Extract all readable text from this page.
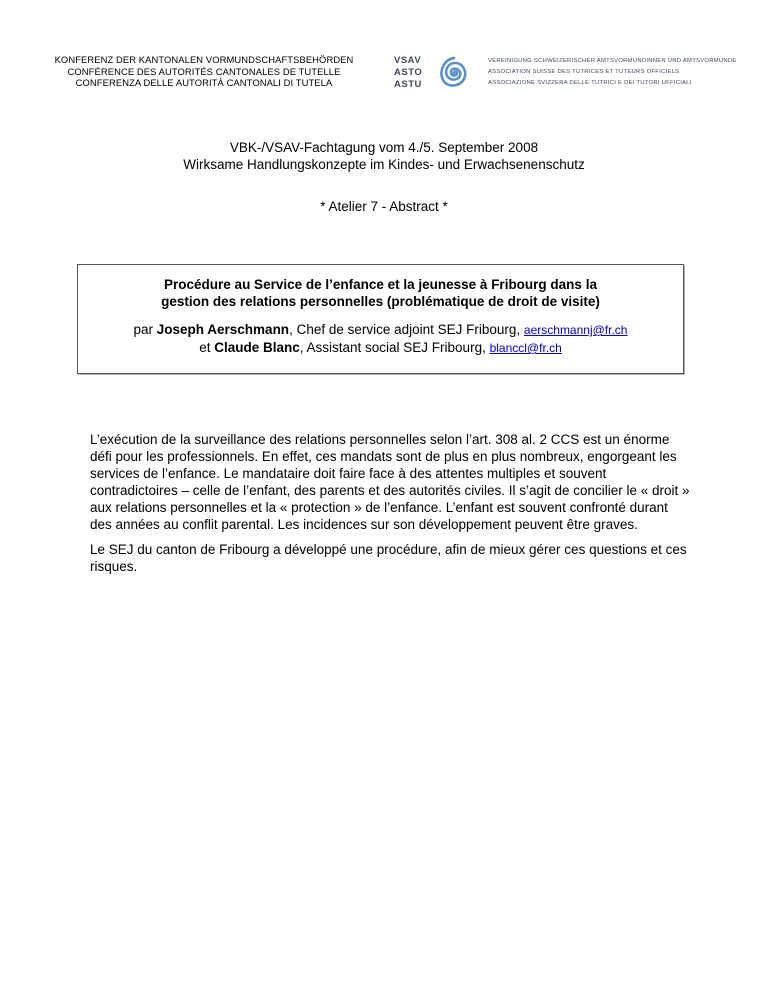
KONFERENZ DER KANTONALEN VORMUNDSCHAFTSBEHÖRDEN
CONFÉRENCE DES AUTORITÉS CANTONALES DE TUTELLE
CONFERENZA DELLE AUTORITÀ CANTONALI DI TUTELA
VSAV
ASTO
ASTU
VEREINIGUNG SCHWEIZERISCHER AMTSVORMUNDINNEN UND AMTSVORMUNDE
ASSOCIATION SUISSE DES TUTRICES ET TUTEURS OFFICIELS
ASSOCIAZIONE SVIZZERA DELLE TUTRICI E DEI TUTORI UFFICIALI
VBK-/VSAV-Fachtagung vom 4./5. September 2008
Wirksame Handlungskonzepte im Kindes- und Erwachsenenschutz
* Atelier 7 - Abstract *
Procédure au Service de l’enfance et la jeunesse à Fribourg dans la
gestion des relations personnelles (problématique de droit de visite)
par Joseph Aerschmann, Chef de service adjoint SEJ Fribourg, aerschmannj@fr.ch
et Claude Blanc, Assistant social SEJ Fribourg, blanccl@fr.ch

L’exécution de la surveillance des relations personnelles selon l’art. 308 al. 2 CCS est un énorme défi pour les professionnels. En effet, ces mandats sont de plus en plus nombreux, engorgeant les services de l’enfance. Le mandataire doit faire face à des attentes multiples et souvent contradictoires – celle de l’enfant, des parents et des autorités civiles. Il s’agit de concilier le « droit » aux relations personnelles et la « protection » de l’enfance. L’enfant est souvent confronté durant des années au conflit parental. Les incidences sur son développement peuvent être graves.

Le SEJ du canton de Fribourg a développé une procédure, afin de mieux gérer ces questions et ces risques.
